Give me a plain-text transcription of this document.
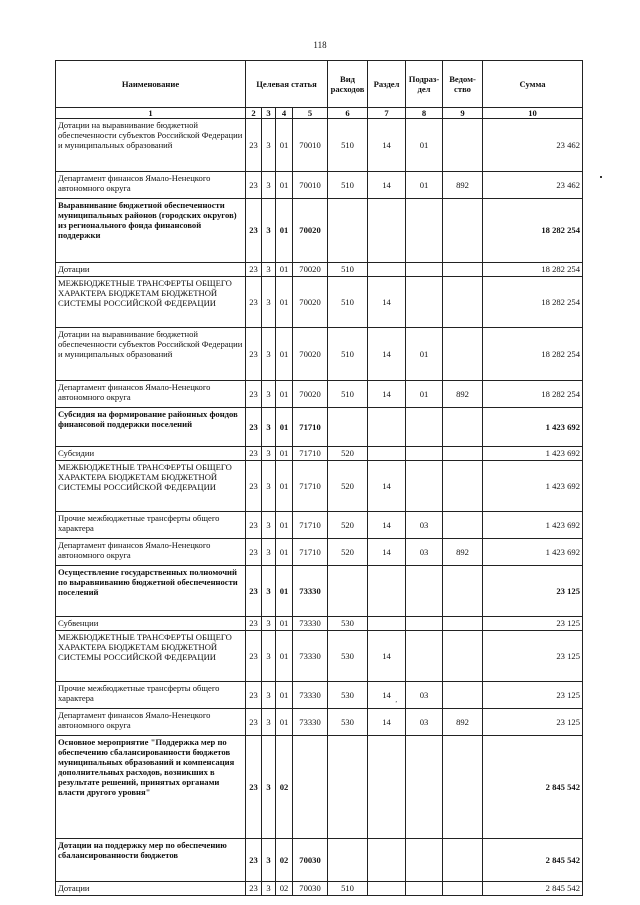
118
Наименование	Целевая статья				Вид расходов	Раздел	Подраз-дел	Ведом-ство	Сумма
1	2	3	4	5	6	7	8	9	10
Дотации на выравнивание бюджетной обеспеченности субъектов Российской Федерации и муниципальных образований	23	3	01	70010	510	14	01		23 462
Департамент финансов Ямало-Ненецкого автономного округа	23	3	01	70010	510	14	01	892	23 462
Выравнивание бюджетной обеспеченности муниципальных районов (городских округов) из регионального фонда финансовой поддержки	23	3	01	70020					18 282 254
Дотации	23	3	01	70020	510				18 282 254
МЕЖБЮДЖЕТНЫЕ ТРАНСФЕРТЫ ОБЩЕГО ХАРАКТЕРА БЮДЖЕТАМ БЮДЖЕТНОЙ СИСТЕМЫ РОССИЙСКОЙ ФЕДЕРАЦИИ	23	3	01	70020	510	14			18 282 254
Дотации на выравнивание бюджетной обеспеченности субъектов Российской Федерации и муниципальных образований	23	3	01	70020	510	14	01		18 282 254
Департамент финансов Ямало-Ненецкого автономного округа	23	3	01	70020	510	14	01	892	18 282 254
Субсидия на формирование районных фондов финансовой поддержки поселений	23	3	01	71710					1 423 692
Субсидии	23	3	01	71710	520				1 423 692
МЕЖБЮДЖЕТНЫЕ ТРАНСФЕРТЫ ОБЩЕГО ХАРАКТЕРА БЮДЖЕТАМ БЮДЖЕТНОЙ СИСТЕМЫ РОССИЙСКОЙ ФЕДЕРАЦИИ	23	3	01	71710	520	14			1 423 692
Прочие межбюджетные трансферты общего характера	23	3	01	71710	520	14	03		1 423 692
Департамент финансов Ямало-Ненецкого автономного округа	23	3	01	71710	520	14	03	892	1 423 692
Осуществление государственных полномочий по выравниванию бюджетной обеспеченности поселений	23	3	01	73330					23 125
Субвенции	23	3	01	73330	530				23 125
МЕЖБЮДЖЕТНЫЕ ТРАНСФЕРТЫ ОБЩЕГО ХАРАКТЕРА БЮДЖЕТАМ БЮДЖЕТНОЙ СИСТЕМЫ РОССИЙСКОЙ ФЕДЕРАЦИИ	23	3	01	73330	530	14			23 125
Прочие межбюджетные трансферты общего характера	23	3	01	73330	530	14	03		23 125
Департамент финансов Ямало-Ненецкого автономного округа	23	3	01	73330	530	14	03	892	23 125
Основное мероприятие "Поддержка мер по обеспечению сбалансированности бюджетов муниципальных образований и компенсация дополнительных расходов, возникших в результате решений, принятых органами власти другого уровня"	23	3	02						2 845 542
Дотации на поддержку мер по обеспечению сбалансированности бюджетов	23	3	02	70030					2 845 542
Дотации	23	3	02	70030	510				2 845 542
ʼ
